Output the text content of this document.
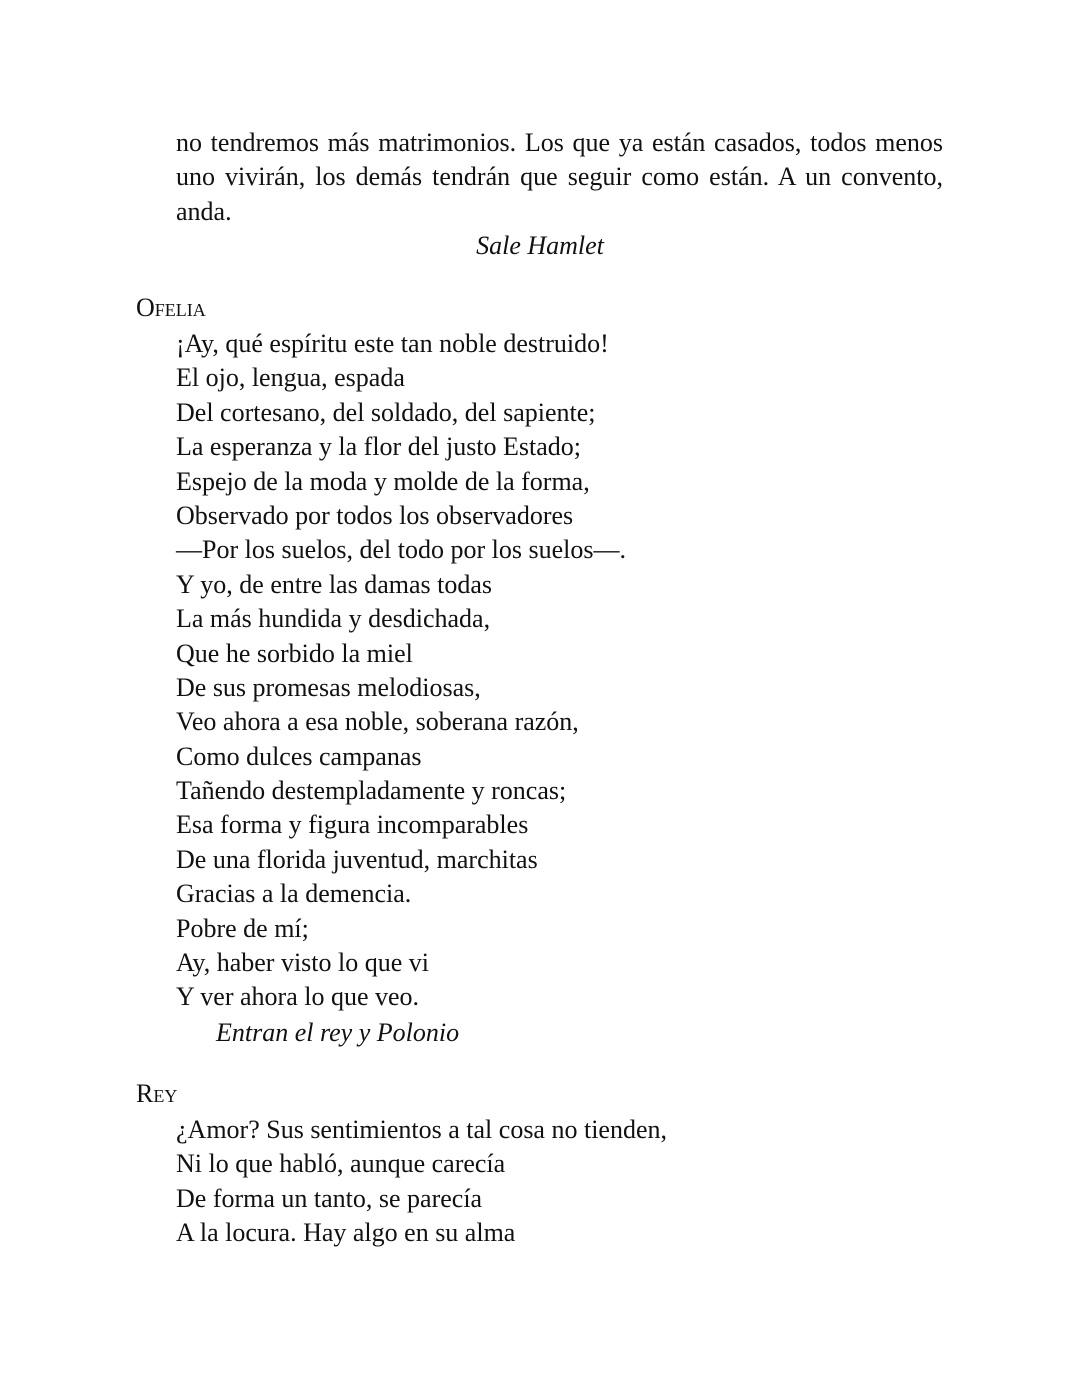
no tendremos más matrimonios. Los que ya están casados, todos menos uno vivirán, los demás tendrán que seguir como están. A un convento, anda.

Sale Hamlet

Ofelia

¡Ay, qué espíritu este tan noble destruido!
El ojo, lengua, espada
Del cortesano, del soldado, del sapiente;
La esperanza y la flor del justo Estado;
Espejo de la moda y molde de la forma,
Observado por todos los observadores
—Por los suelos, del todo por los suelos—.
Y yo, de entre las damas todas
La más hundida y desdichada,
Que he sorbido la miel
De sus promesas melodiosas,
Veo ahora a esa noble, soberana razón,
Como dulces campanas
Tañendo destempladamente y roncas;
Esa forma y figura incomparables
De una florida juventud, marchitas
Gracias a la demencia.
Pobre de mí;
Ay, haber visto lo que vi
Y ver ahora lo que veo.

Entran el rey y Polonio

Rey

¿Amor? Sus sentimientos a tal cosa no tienden,
Ni lo que habló, aunque carecía
De forma un tanto, se parecía
A la locura. Hay algo en su alma
